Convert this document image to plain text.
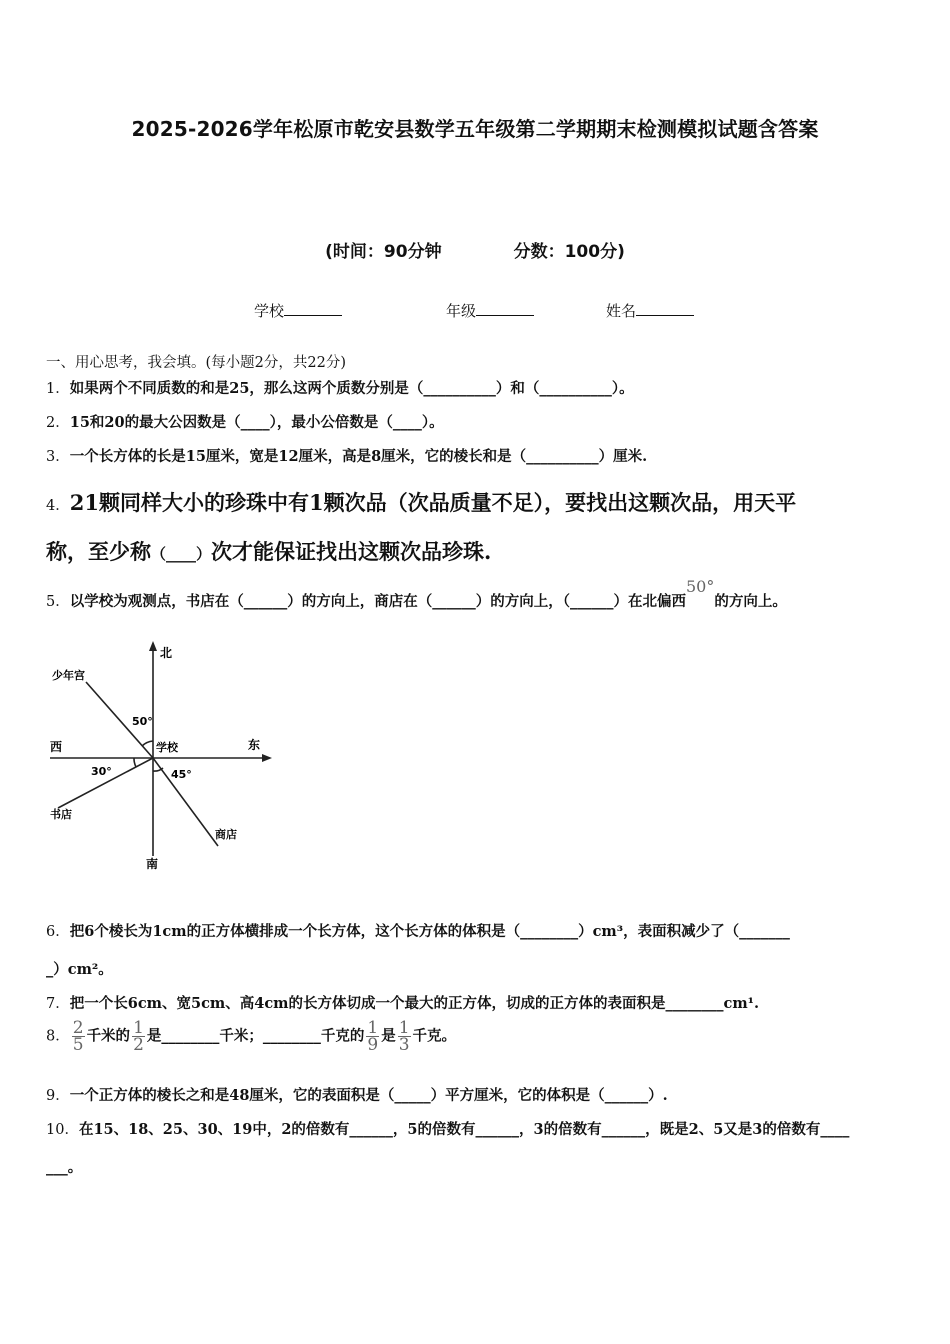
2025-2026学年松原市乾安县数学五年级第二学期期末检测模拟试题含答案
(时间：90分钟	分数：100分)
学校	年级	姓名
一、用心思考，我会填。(每小题2分，共22分)
1．如果两个不同质数的和是25，那么这两个质数分别是（__________）和（__________）。
2．15和20的最大公因数是（____），最小公倍数是（____）。
3．一个长方体的长是15厘米，宽是12厘米，高是8厘米，它的棱长和是（__________）厘米.
4．21颗同样大小的珍珠中有1颗次品（次品质量不足），要找出这颗次品，用天平
称，至少称（____）次才能保证找出这颗次品珍珠.
5．以学校为观测点，书店在（______）的方向上，商店在（______）的方向上，（______）在北偏西50°的方向上。
北
南
东
西	学校
少年宫
书店
商店
50°
30°	45°
6．把6个棱长为1cm的正方体横排成一个长方体，这个长方体的体积是（________）cm³，表面积减少了（_______
_）cm²。
7．把一个长6cm、宽5cm、高4cm的长方体切成一个最大的正方体，切成的正方体的表面积是________cm¹.
8． $\frac{2}{5}$ 千米的 $\frac{1}{2}$ 是________千米；________千克的 $\frac{1}{9}$ 是 $\frac{1}{3}$ 千克。
9．一个正方体的棱长之和是48厘米，它的表面积是（_____）平方厘米，它的体积是（______）.
10．在15、18、25、30、19中，2的倍数有______，5的倍数有______，3的倍数有______，既是2、5又是3的倍数有____
___。
